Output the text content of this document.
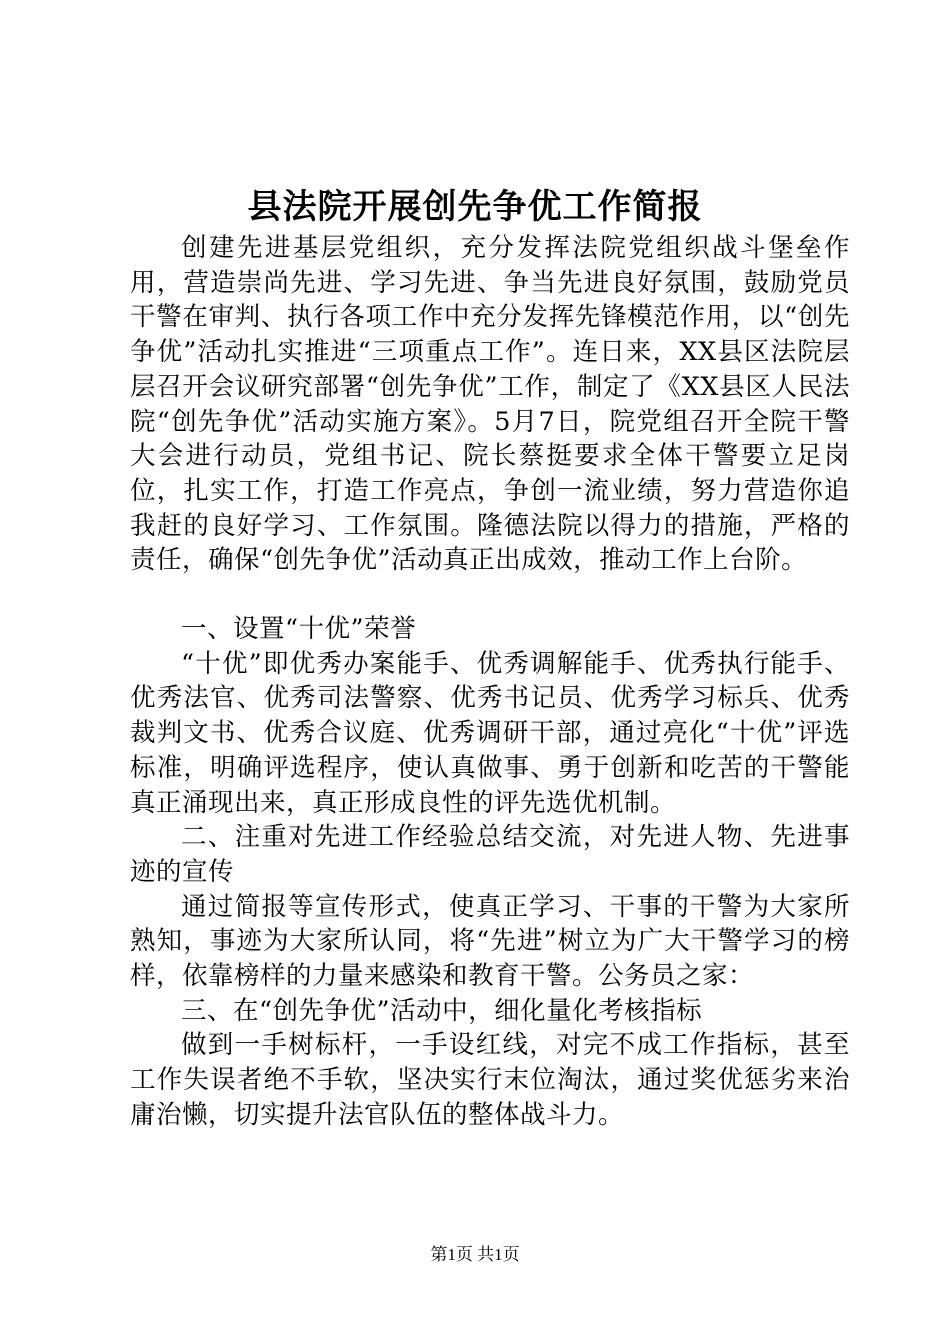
县法院开展创先争优工作简报

创建先进基层党组织，充分发挥法院党组织战斗堡垒作用，营造崇尚先进、学习先进、争当先进良好氛围，鼓励党员干警在审判、执行各项工作中充分发挥先锋模范作用，以“创先争优”活动扎实推进“三项重点工作”。连日来，XX县区法院层层召开会议研究部署“创先争优”工作，制定了《XX县区人民法院“创先争优”活动实施方案》。5月7日，院党组召开全院干警大会进行动员，党组书记、院长蔡挺要求全体干警要立足岗位，扎实工作，打造工作亮点，争创一流业绩，努力营造你追我赶的良好学习、工作氛围。隆德法院以得力的措施，严格的责任，确保“创先争优”活动真正出成效，推动工作上台阶。

一、设置“十优”荣誉

“十优”即优秀办案能手、优秀调解能手、优秀执行能手、优秀法官、优秀司法警察、优秀书记员、优秀学习标兵、优秀裁判文书、优秀合议庭、优秀调研干部，通过亮化“十优”评选标准，明确评选程序，使认真做事、勇于创新和吃苦的干警能真正涌现出来，真正形成良性的评先选优机制。

二、注重对先进工作经验总结交流，对先进人物、先进事迹的宣传

通过简报等宣传形式，使真正学习、干事的干警为大家所熟知，事迹为大家所认同，将“先进”树立为广大干警学习的榜样，依靠榜样的力量来感染和教育干警。公务员之家：

三、在“创先争优”活动中，细化量化考核指标

做到一手树标杆，一手设红线，对完不成工作指标，甚至工作失误者绝不手软，坚决实行末位淘汰，通过奖优惩劣来治庸治懒，切实提升法官队伍的整体战斗力。

第1页 共1页
